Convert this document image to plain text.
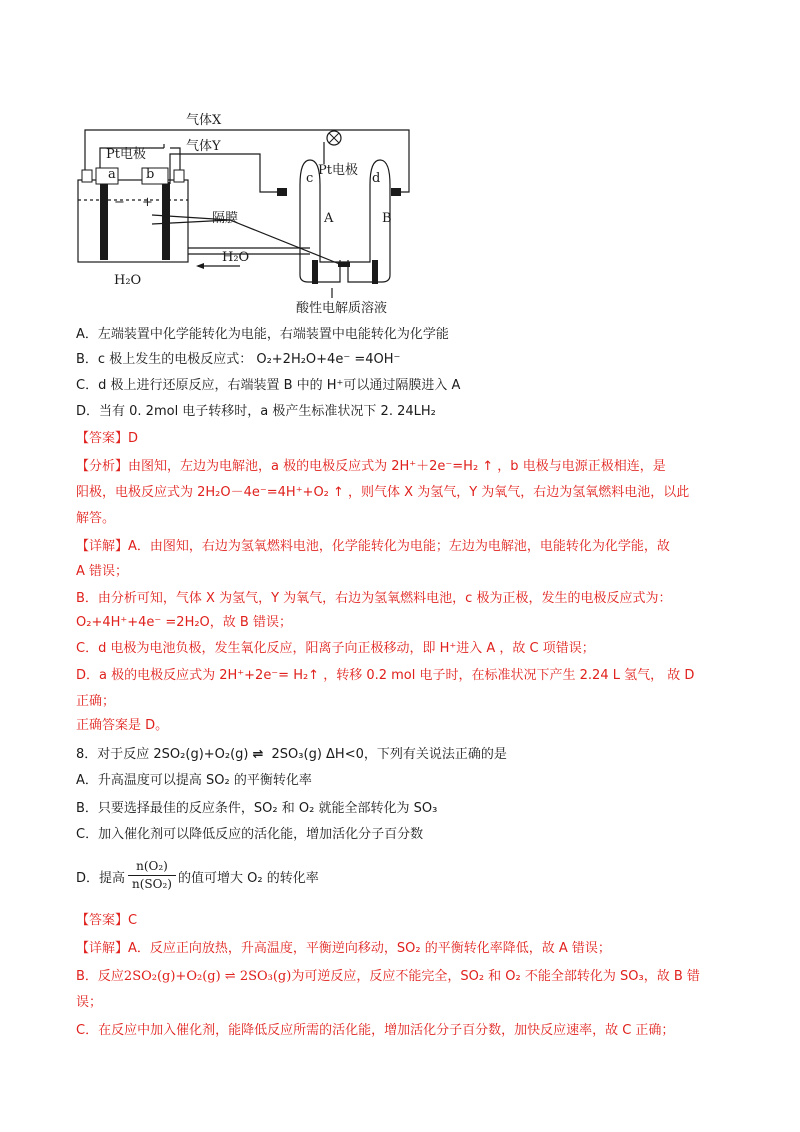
气体X
气体Y
Pt电极
Pt电极
a b	c	d
− +
隔膜
H₂O
H₂O
A	B
酸性电解质溶液
A．左端装置中化学能转化为电能，右端装置中电能转化为化学能
B．c 极上发生的电极反应式： O₂+2H₂O+4e⁻ =4OH⁻
C．d 极上进行还原反应，右端装置 B 中的 H⁺可以通过隔膜进入 A
D．当有 0. 2mol 电子转移时，a 极产生标准状况下 2. 24LH₂
【答案】D
【分析】由图知，左边为电解池，a 极的电极反应式为 2H⁺＋2e⁻=H₂ ↑ ，b 电极与电源正极相连，是
阳极，电极反应式为 2H₂O－4e⁻=4H⁺+O₂ ↑ ，则气体 X 为氢气，Y 为氧气，右边为氢氧燃料电池，以此
解答。
【详解】A．由图知，右边为氢氧燃料电池，化学能转化为电能；左边为电解池，电能转化为化学能，故
A 错误；
B．由分析可知，气体 X 为氢气，Y 为氧气，右边为氢氧燃料电池，c 极为正极，发生的电极反应式为：
O₂+4H⁺+4e⁻ =2H₂O，故 B 错误；
C．d 电极为电池负极，发生氧化反应，阳离子向正极移动，即 H⁺进入 A ，故 C 项错误；
D．a 极的电极反应式为 2H⁺+2e⁻= H₂↑ ，转移 0.2 mol 电子时，在标准状况下产生 2.24 L 氢气， 故 D
正确；
正确答案是 D。
8．对于反应 2SO₂(g)+O₂(g) ⇌ 2SO₃(g) ΔH<0，下列有关说法正确的是
A．升高温度可以提高 SO₂ 的平衡转化率
B．只要选择最佳的反应条件，SO₂ 和 O₂ 就能全部转化为 SO₃
C．加入催化剂可以降低反应的活化能，增加活化分子百分数
D．提高
n(O₂)
n(SO₂) 的值可增大 O₂ 的转化率
【答案】C
【详解】A．反应正向放热，升高温度，平衡逆向移动，SO₂ 的平衡转化率降低，故 A 错误；
B．反应2SO₂(g)+O₂(g) ⇌ 2SO₃(g)为可逆反应，反应不能完全，SO₂ 和 O₂ 不能全部转化为 SO₃，故 B 错
误；
C．在反应中加入催化剂，能降低反应所需的活化能，增加活化分子百分数，加快反应速率，故 C 正确；
